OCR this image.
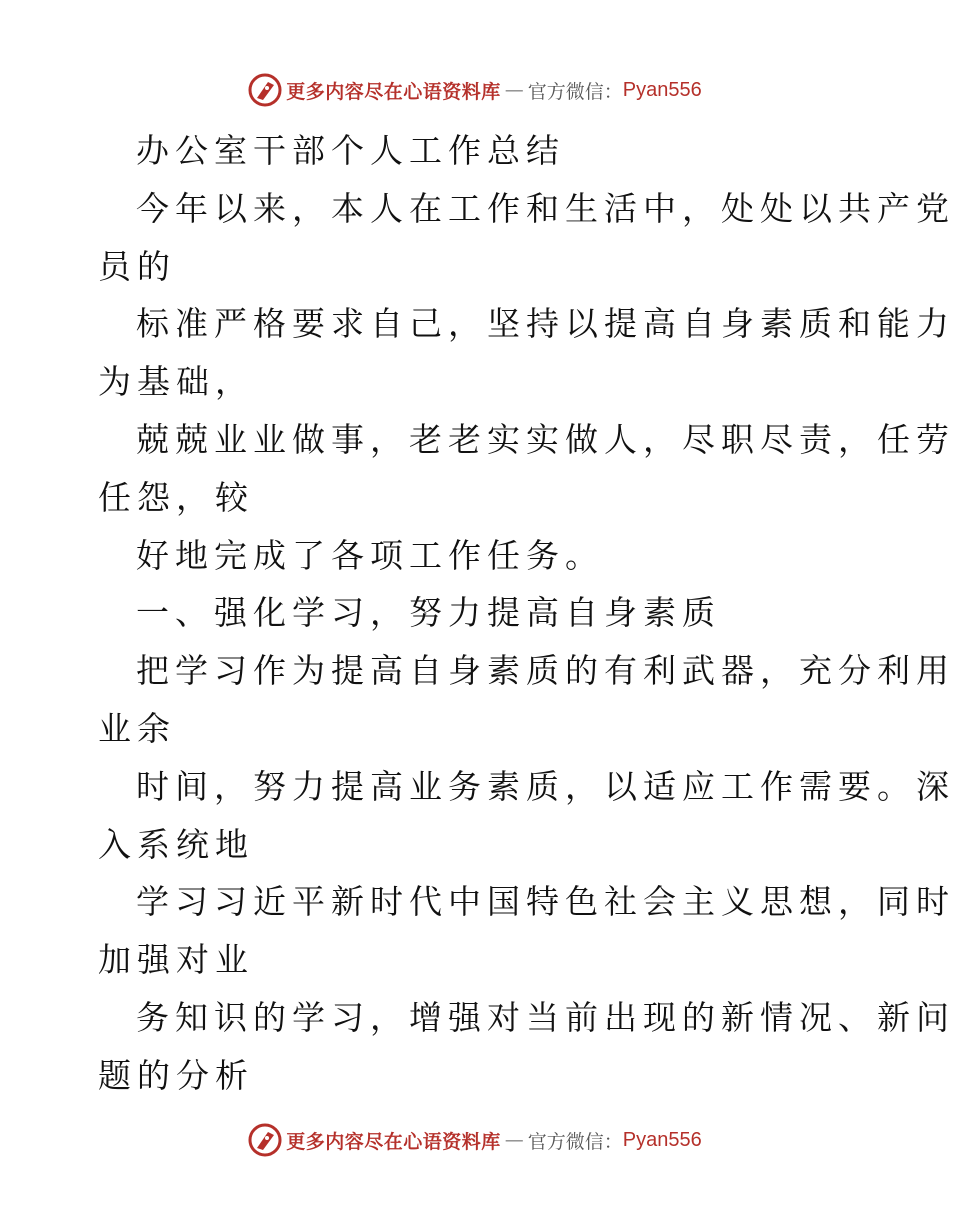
更多内容尽在心语资料库 — 官方微信： Pyan556
办公室干部个人工作总结
今年以来，本人在工作和生活中，处处以共产党
员的
标准严格要求自己，坚持以提高自身素质和能力
为基础，
兢兢业业做事，老老实实做人，尽职尽责，任劳
任怨，较
好地完成了各项工作任务。
一、强化学习，努力提高自身素质
把学习作为提高自身素质的有利武器，充分利用
业余
时间，努力提高业务素质，以适应工作需要。深
入系统地
学习习近平新时代中国特色社会主义思想，同时
加强对业
务知识的学习，增强对当前出现的新情况、新问
题的分析
更多内容尽在心语资料库 — 官方微信： Pyan556
